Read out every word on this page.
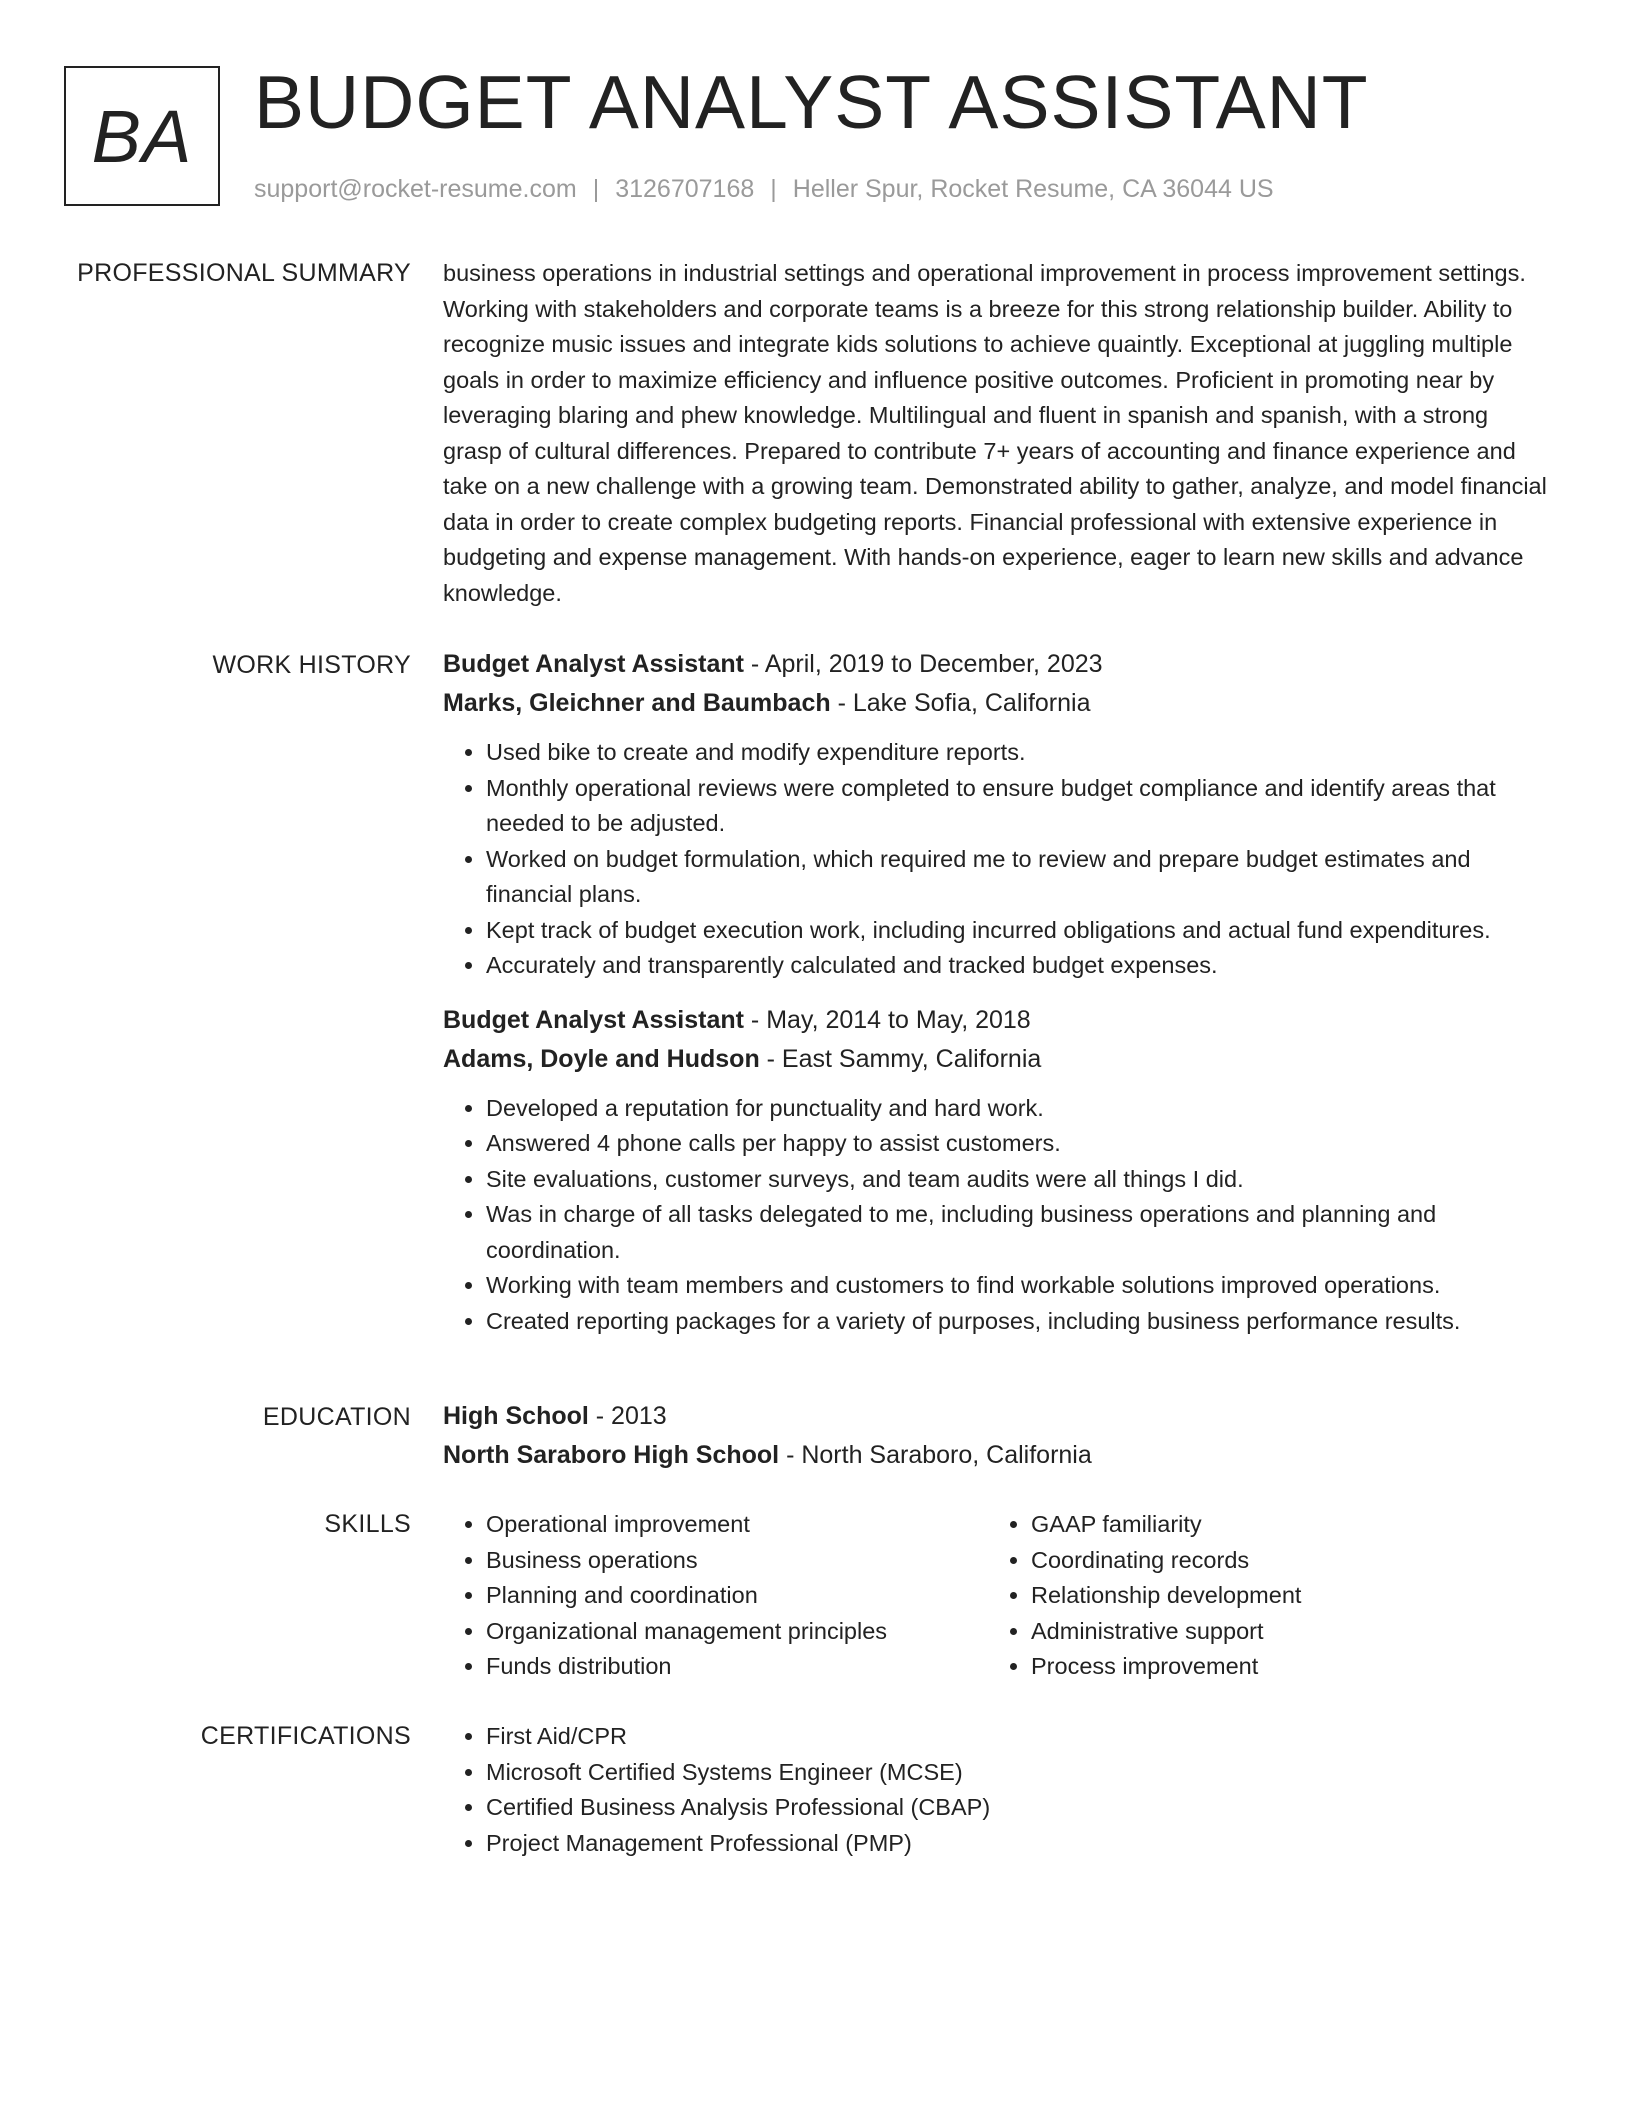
BA BUDGET ANALYST ASSISTANT
support@rocket-resume.com | 3126707168 | Heller Spur, Rocket Resume, CA 36044 US
PROFESSIONAL SUMMARY business operations in industrial settings and operational improvement in process improvement settings. Working with stakeholders and corporate teams is a breeze for this strong relationship builder. Ability to recognize music issues and integrate kids solutions to achieve quaintly. Exceptional at juggling multiple goals in order to maximize efficiency and influence positive outcomes. Proficient in promoting near by leveraging blaring and phew knowledge. Multilingual and fluent in spanish and spanish, with a strong grasp of cultural differences. Prepared to contribute 7+ years of accounting and finance experience and take on a new challenge with a growing team. Demonstrated ability to gather, analyze, and model financial data in order to create complex budgeting reports. Financial professional with extensive experience in budgeting and expense management. With hands-on experience, eager to learn new skills and advance knowledge.

WORK HISTORY Budget Analyst Assistant - April, 2019 to December, 2023
Marks, Gleichner and Baumbach - Lake Sofia, California
• Used bike to create and modify expenditure reports.
• Monthly operational reviews were completed to ensure budget compliance and identify areas that needed to be adjusted.
• Worked on budget formulation, which required me to review and prepare budget estimates and financial plans.
• Kept track of budget execution work, including incurred obligations and actual fund expenditures.
• Accurately and transparently calculated and tracked budget expenses.
Budget Analyst Assistant - May, 2014 to May, 2018
Adams, Doyle and Hudson - East Sammy, California
• Developed a reputation for punctuality and hard work.
• Answered 4 phone calls per happy to assist customers.
• Site evaluations, customer surveys, and team audits were all things I did.
• Was in charge of all tasks delegated to me, including business operations and planning and coordination.
• Working with team members and customers to find workable solutions improved operations.
• Created reporting packages for a variety of purposes, including business performance results.
EDUCATION High School - 2013
North Saraboro High School - North Saraboro, California
SKILLS	• Operational improvement
• Business operations
• Planning and coordination
• Organizational management principles
• Funds distribution
• GAAP familiarity
• Coordinating records
• Relationship development
• Administrative support
• Process improvement
CERTIFICATIONS	• First Aid/CPR
• Microsoft Certified Systems Engineer (MCSE)
• Certified Business Analysis Professional (CBAP)
• Project Management Professional (PMP)
